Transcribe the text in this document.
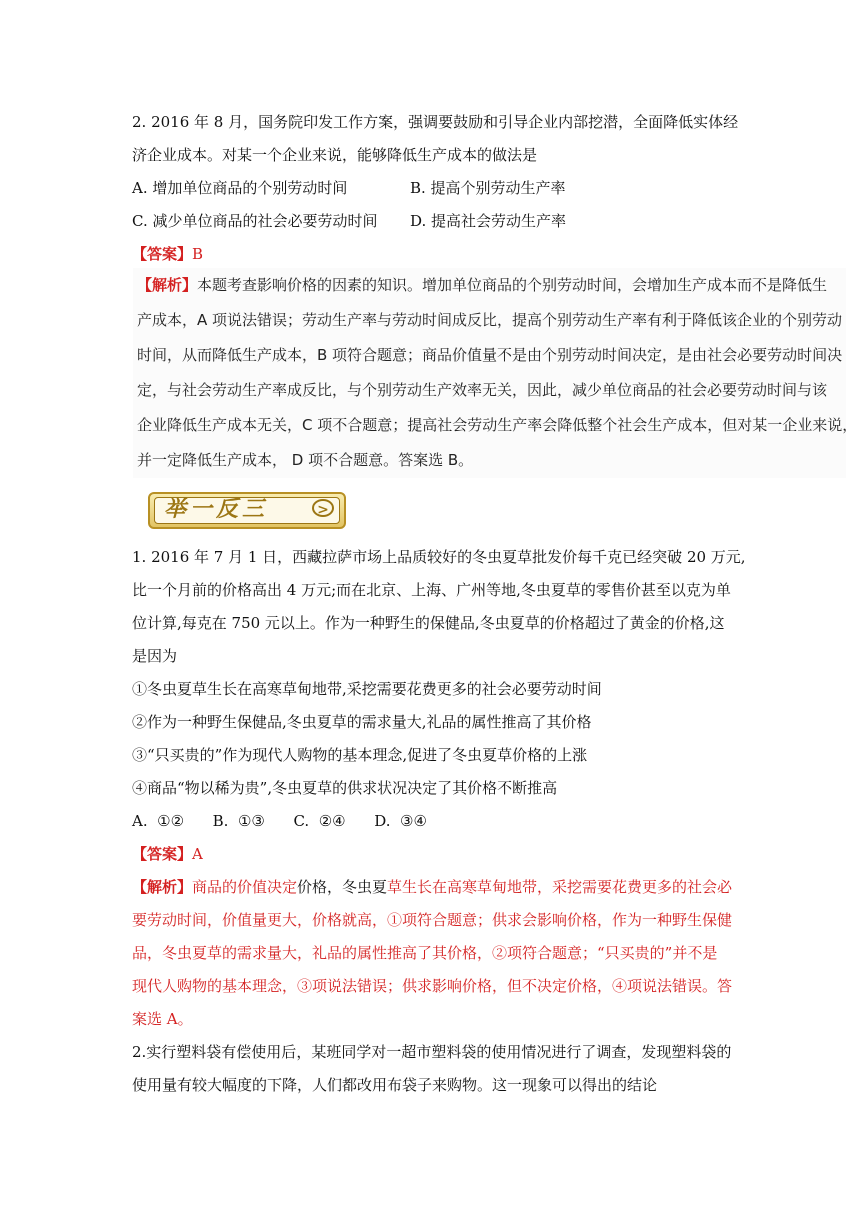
2. 2016 年 8 月，国务院印发工作方案，强调要鼓励和引导企业内部挖潜，全面降低实体经
济企业成本。对某一个企业来说，能够降低生产成本的做法是
A. 增加单位商品的个别劳动时间	B. 提高个别劳动生产率
C. 减少单位商品的社会必要劳动时间 D. 提高社会劳动生产率
【答案】B
【解析】本题考查影响价格的因素的知识。增加单位商品的个别劳动时间，会增加生产成本而不是降低生
产成本，A 项说法错误；劳动生产率与劳动时间成反比，提高个别劳动生产率有利于降低该企业的个别劳动
时间，从而降低生产成本，B 项符合题意；商品价值量不是由个别劳动时间决定，是由社会必要劳动时间决
定，与社会劳动生产率成反比，与个别劳动生产效率无关，因此，减少单位商品的社会必要劳动时间与该
企业降低生产成本无关，C 项不合题意；提高社会劳动生产率会降低整个社会生产成本，但对某一企业来说，
并一定降低生产成本， D 项不合题意。答案选 B。
举一反三	>
1. 2016 年 7 月 1 日，西藏拉萨市场上品质较好的冬虫夏草批发价每千克已经突破 20 万元,
比一个月前的价格高出 4 万元;而在北京、上海、广州等地,冬虫夏草的零售价甚至以克为单
位计算,每克在 750 元以上。作为一种野生的保健品,冬虫夏草的价格超过了黄金的价格,这
是因为
①冬虫夏草生长在高寒草甸地带,采挖需要花费更多的社会必要劳动时间
②作为一种野生保健品,冬虫夏草的需求量大,礼品的属性推高了其价格
③“只买贵的”作为现代人购物的基本理念,促进了冬虫夏草价格的上涨
④商品“物以稀为贵”,冬虫夏草的供求状况决定了其价格不断推高
A.  ①②      B.  ①③      C.  ②④      D.  ③④
【答案】A
【解析】商品的价值决定价格，冬虫夏草生长在高寒草甸地带，采挖需要花费更多的社会必
要劳动时间，价值量更大，价格就高，①项符合题意；供求会影响价格，作为一种野生保健
品，冬虫夏草的需求量大，礼品的属性推高了其价格，②项符合题意；“只买贵的”并不是
现代人购物的基本理念，③项说法错误；供求影响价格，但不决定价格，④项说法错误。答
案选 A。
2.实行塑料袋有偿使用后，某班同学对一超市塑料袋的使用情况进行了调查，发现塑料袋的
使用量有较大幅度的下降，人们都改用布袋子来购物。这一现象可以得出的结论
